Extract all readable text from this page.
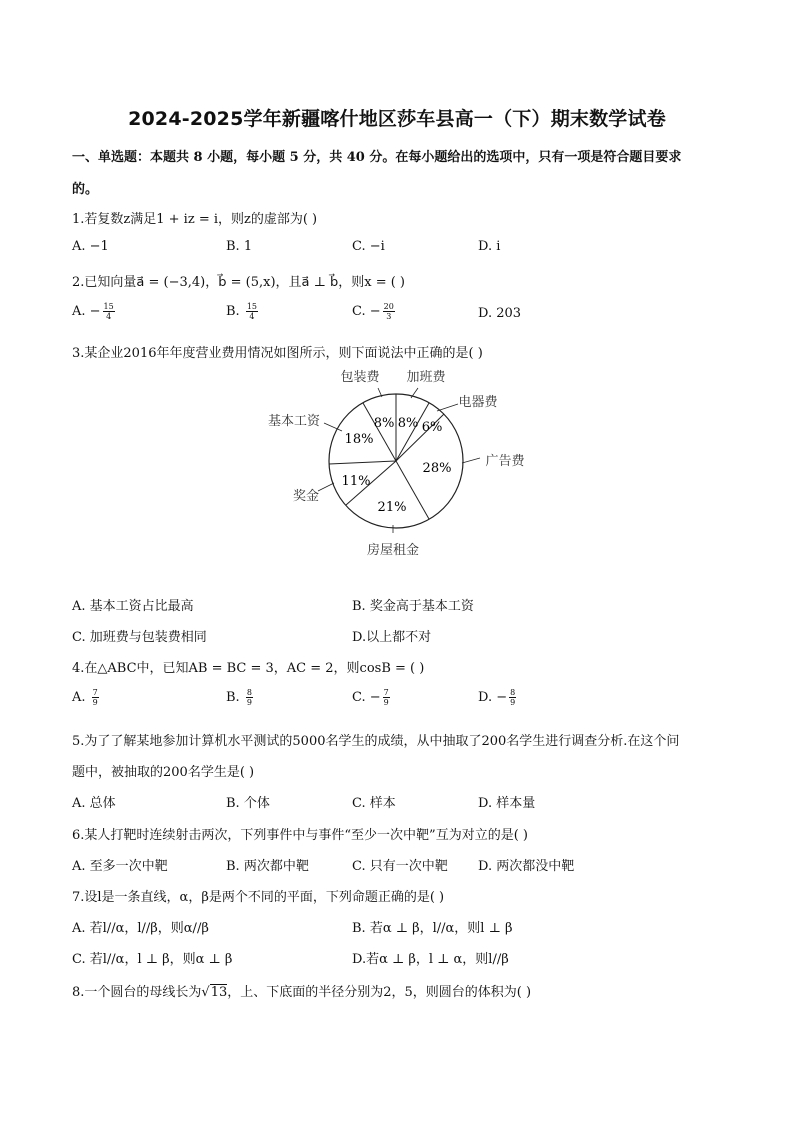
2024-2025学年新疆喀什地区莎车县高一（下）期末数学试卷
一、单选题：本题共 8 小题，每小题 5 分，共 40 分。在每小题给出的选项中，只有一项是符合题目要求
的。
1.若复数z满足1 + iz = i，则z的虚部为( )
A. −1	B. 1	C. −i	D. i
2.已知向量a⃗ = (−3,4)，b⃗ = (5,x)，且a⃗ ⊥ b⃗，则x = ( )
A. − $\frac{15}{4}$	B. $\frac{15}{4}$	C. − $\frac{20}{3}$	D. 203
3.某企业2016年年度营业费用情况如图所示，则下面说法中正确的是( )
8% 8% 6%
28%
21%
11%
18%
包装费 加班费
电器费
广告费
房屋租金
奖金
基本工资
A. 基本工资占比最高	B. 奖金高于基本工资
C. 加班费与包装费相同	D.以上都不对
4.在△ABC中，已知AB = BC = 3，AC = 2，则cosB = ( )
A. $\frac{7}{9}$	B. $\frac{8}{9}$	C. − $\frac{7}{9}$	D. − $\frac{8}{9}$
5.为了了解某地参加计算机水平测试的5000名学生的成绩，从中抽取了200名学生进行调查分析.在这个问
题中，被抽取的200名学生是( )
A. 总体	B. 个体	C. 样本	D. 样本量
6.某人打靶时连续射击两次，下列事件中与事件“至少一次中靶”互为对立的是( )
A. 至多一次中靶	B. 两次都中靶	C. 只有一次中靶 D. 两次都没中靶
7.设l是一条直线，α，β是两个不同的平面，下列命题正确的是( )
A. 若l//α，l//β，则α//β	B. 若α ⊥ β，l//α，则l ⊥ β
C. 若l//α，l ⊥ β，则α ⊥ β	D.若α ⊥ β，l ⊥ α，则l//β
8.一个圆台的母线长为√13，上、下底面的半径分别为2，5，则圆台的体积为( )
